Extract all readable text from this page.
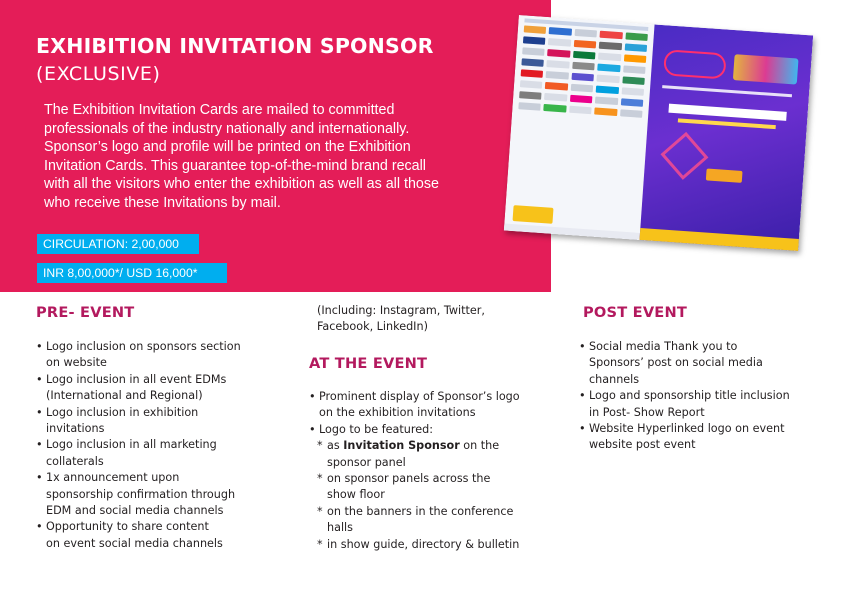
EXHIBITION INVITATION SPONSOR
(EXCLUSIVE)
The Exhibition Invitation Cards are mailed to committed
professionals of the industry nationally and internationally.
Sponsor’s logo and profile will be printed on the Exhibition
Invitation Cards. This guarantee top-of-the-mind brand recall
with all the visitors who enter the exhibition as well as all those
who receive these Invitations by mail.
CIRCULATION: 2,00,000
INR 8,00,000*/ USD 16,000*
PRE- EVENT
• Logo inclusion on sponsors section
on website
• Logo inclusion in all event EDMs
(International and Regional)
• Logo inclusion in exhibition
invitations
• Logo inclusion in all marketing
collaterals
• 1x announcement upon
sponsorship confirmation through
EDM and social media channels
• Opportunity to share content
on event social media channels
(Including: Instagram, Twitter,
Facebook, LinkedIn)
AT THE EVENT
• Prominent display of Sponsor’s logo
on the exhibition invitations
• Logo to be featured:
* as Invitation Sponsor on the
sponsor panel
* on sponsor panels across the
show floor
* on the banners in the conference
halls
* in show guide, directory & bulletin
POST EVENT
• Social media Thank you to
Sponsors’ post on social media
channels
• Logo and sponsorship title inclusion
in Post- Show Report
• Website Hyperlinked logo on event
website post event
